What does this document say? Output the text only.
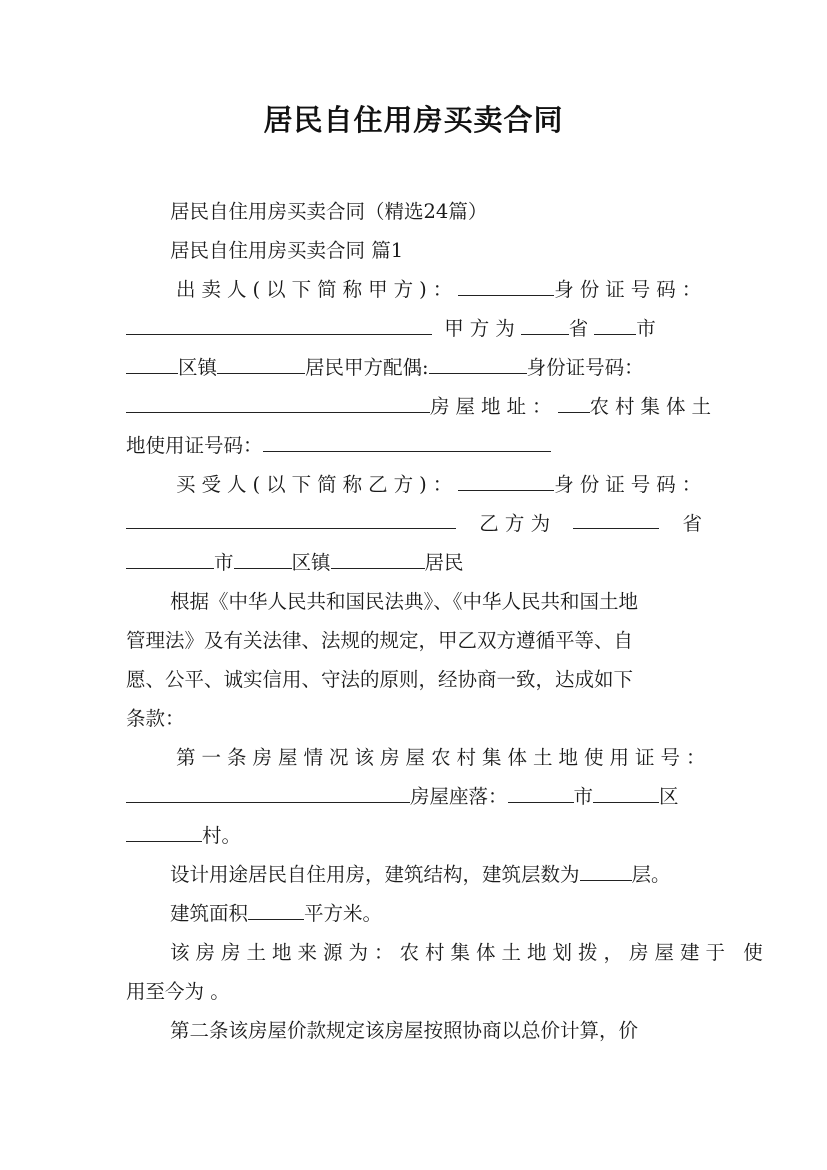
居民自住用房买卖合同
居民自住用房买卖合同（精选24篇）
居民自住用房买卖合同 篇1
出卖人(以下简称甲方)：	身份证号码：
甲方为 省 市
区镇	居民甲方配偶:	身份证号码：
房屋地址： 农村集体土
地使用证号码：
买受人(以下简称乙方)：	身份证号码：
乙 方 为	省
市	区镇	居民
根据《中华人民共和国民法典》、《中华人民共和国土地
管理法》及有关法律、法规的规定，甲乙双方遵循平等、自
愿、公平、诚实信用、守法的原则，经协商一致，达成如下
条款：
第一条房屋情况该房屋农村集体土地使用证号：
房屋座落：	市	区
村。
设计用途居民自住用房，建筑结构，建筑层数为	层。
建筑面积	平方米。
该房房土地来源为：农村集体土地划拨，房屋建于 使
用至今为 。
第二条该房屋价款规定该房屋按照协商以总价计算，价
